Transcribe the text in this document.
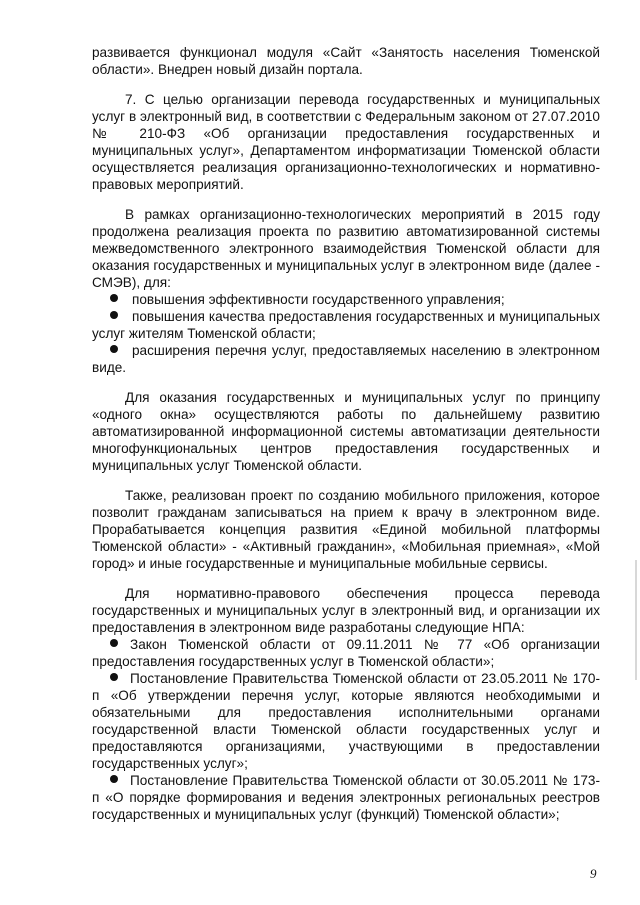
развивается функционал модуля «Сайт «Занятость населения Тюменской области». Внедрен новый дизайн портала.

7. С целью организации перевода государственных и муниципальных услуг в электронный вид, в соответствии с Федеральным законом от 27.07.2010 № 210-ФЗ «Об организации предоставления государственных и муниципальных услуг», Департаментом информатизации Тюменской области осуществляется реализация организационно-технологических и нормативно-правовых мероприятий.

В рамках организационно-технологических мероприятий в 2015 году продолжена реализация проекта по развитию автоматизированной системы межведомственного электронного взаимодействия Тюменской области для оказания государственных и муниципальных услуг в электронном виде (далее - СМЭВ), для:

повышения эффективности государственного управления;

повышения качества предоставления государственных и муниципальных услуг жителям Тюменской области;

расширения перечня услуг, предоставляемых населению в электронном виде.

Для оказания государственных и муниципальных услуг по принципу «одного окна» осуществляются работы по дальнейшему развитию автоматизированной информационной системы автоматизации деятельности многофункциональных центров предоставления государственных и муниципальных услуг Тюменской области.

Также, реализован проект по созданию мобильного приложения, которое позволит гражданам записываться на прием к врачу в электронном виде. Прорабатывается концепция развития «Единой мобильной платформы Тюменской области» - «Активный гражданин», «Мобильная приемная», «Мой город» и иные государственные и муниципальные мобильные сервисы.

Для нормативно-правового обеспечения процесса перевода государственных и муниципальных услуг в электронный вид, и организации их предоставления в электронном виде разработаны следующие НПА:

Закон Тюменской области от 09.11.2011 № 77 «Об организации предоставления государственных услуг в Тюменской области»;

Постановление Правительства Тюменской области от 23.05.2011 № 170-п «Об утверждении перечня услуг, которые являются необходимыми и обязательными для предоставления исполнительными органами государственной власти Тюменской области государственных услуг и предоставляются организациями, участвующими в предоставлении государственных услуг»;

Постановление Правительства Тюменской области от 30.05.2011 № 173-п «О порядке формирования и ведения электронных региональных реестров государственных и муниципальных услуг (функций) Тюменской области»;

9
